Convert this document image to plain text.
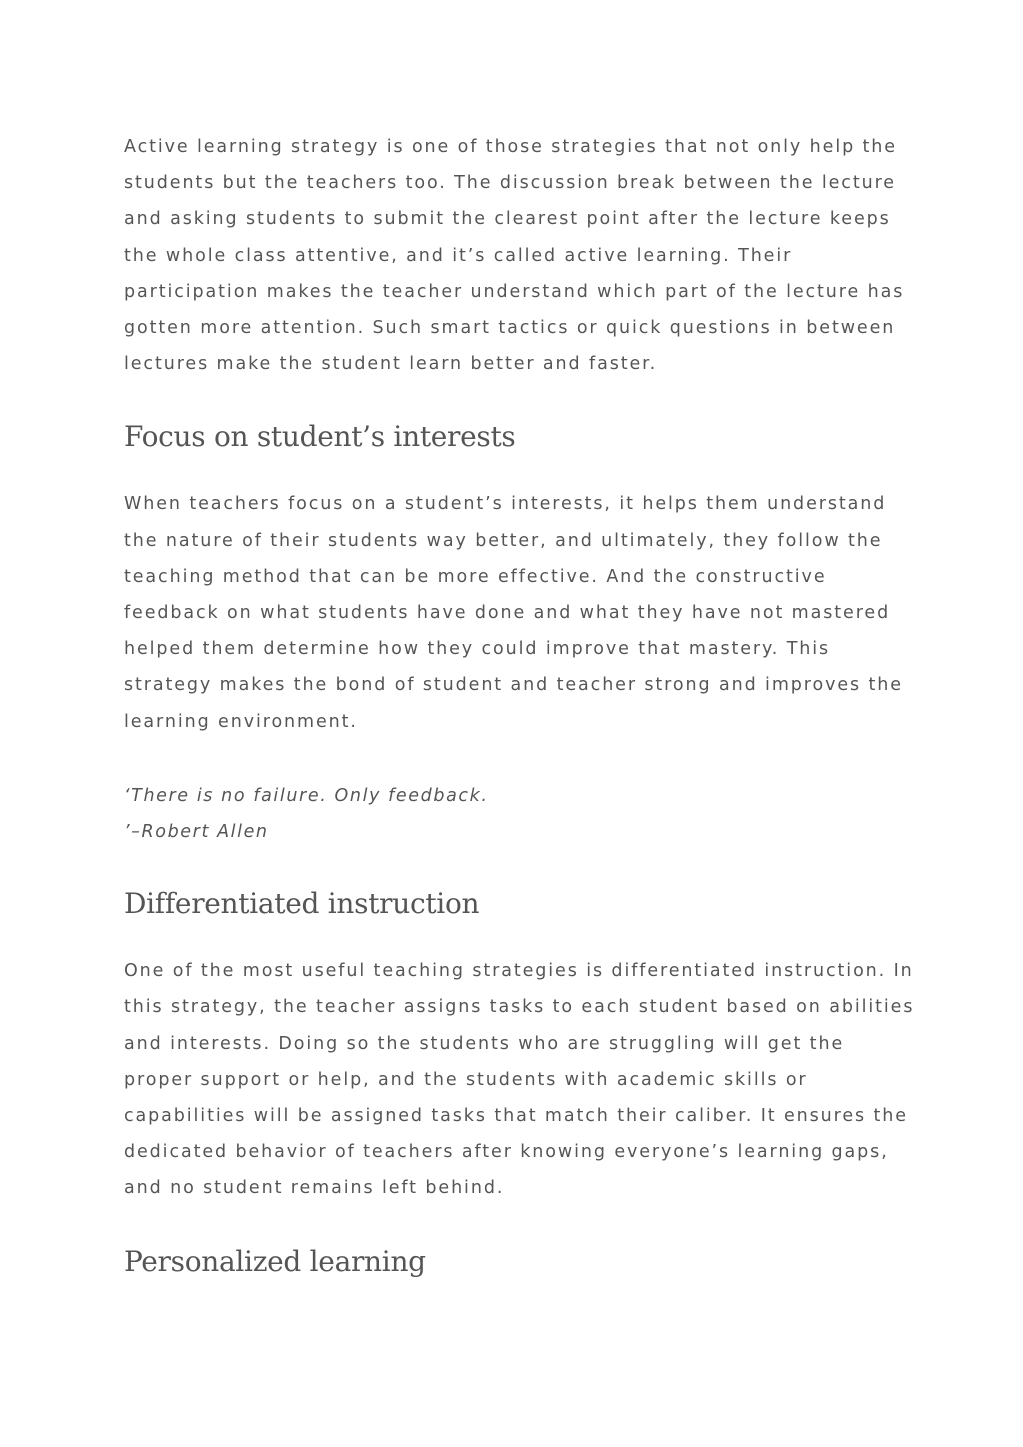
Active learning strategy is one of those strategies that not only help the
students but the teachers too. The discussion break between the lecture
and asking students to submit the clearest point after the lecture keeps
the whole class attentive, and it’s called active learning. Their
participation makes the teacher understand which part of the lecture has
gotten more attention. Such smart tactics or quick questions in between
lectures make the student learn better and faster.

Focus on student’s interests

When teachers focus on a student’s interests, it helps them understand
the nature of their students way better, and ultimately, they follow the
teaching method that can be more effective. And the constructive
feedback on what students have done and what they have not mastered
helped them determine how they could improve that mastery. This
strategy makes the bond of student and teacher strong and improves the
learning environment.

‘There is no failure. Only feedback.
’–Robert Allen

Differentiated instruction

One of the most useful teaching strategies is differentiated instruction. In
this strategy, the teacher assigns tasks to each student based on abilities
and interests. Doing so the students who are struggling will get the
proper support or help, and the students with academic skills or
capabilities will be assigned tasks that match their caliber. It ensures the
dedicated behavior of teachers after knowing everyone’s learning gaps,
and no student remains left behind.

Personalized learning
